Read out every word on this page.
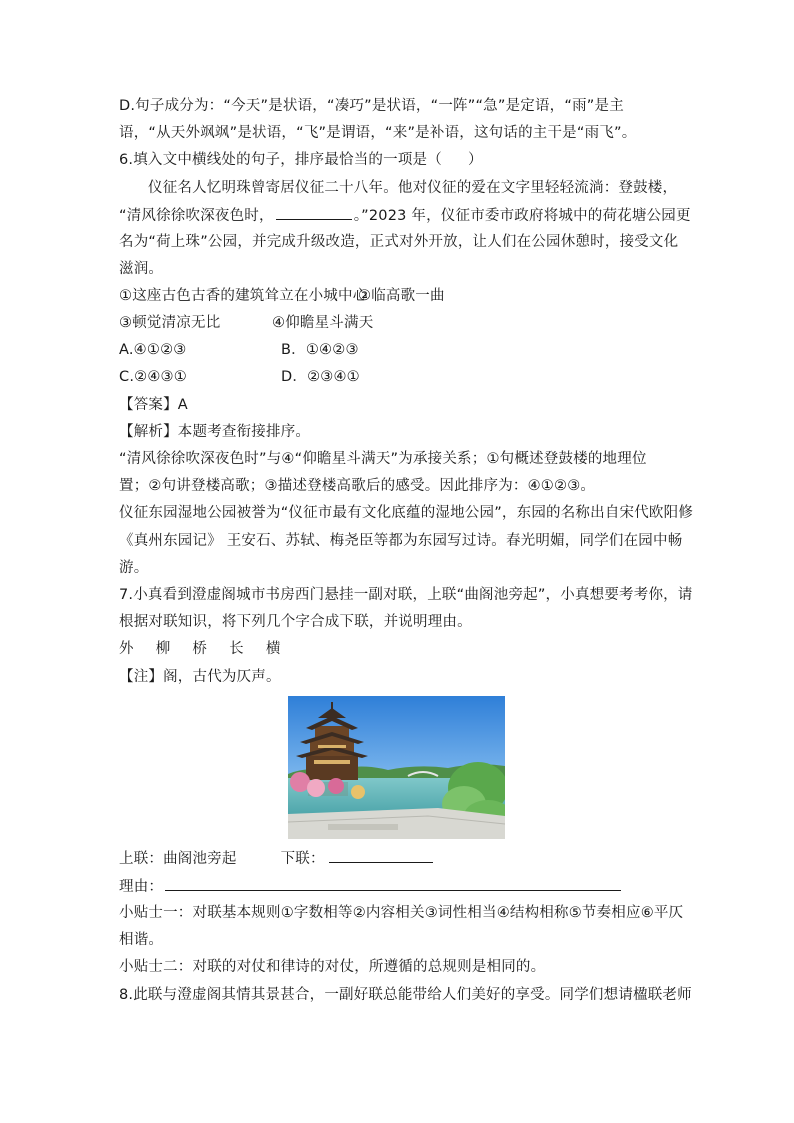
D.句子成分为：“今天”是状语，“凑巧”是状语，“一阵”“急”是定语，“雨”是主
语，“从天外飒飒”是状语，“飞”是谓语，“来”是补语，这句话的主干是“雨飞”。
6.填入文中横线处的句子，排序最恰当的一项是（ ）
仪征名人忆明珠曾寄居仪征二十八年。他对仪征的爱在文字里轻轻流淌：登鼓楼，
“清风徐徐吹深夜色时，	。”2023 年，仪征市委市政府将城中的荷花塘公园更
名为“荷上珠”公园，并完成升级改造，正式对外开放，让人们在公园休憩时，接受文化
滋润。
①这座古色古香的建筑耸立在小城中心
②临高歌一曲
③顿觉清凉无比	④仰瞻星斗满天
A.④①②③	B．①④②③
C.②④③①	D．②③④①
【答案】A
【解析】本题考查衔接排序。
“清风徐徐吹深夜色时”与④“仰瞻星斗满天”为承接关系；①句概述登鼓楼的地理位
置；②句讲登楼高歌；③描述登楼高歌后的感受。因此排序为：④①②③。
仪征东园湿地公园被誉为“仪征市最有文化底蕴的湿地公园”，东园的名称出自宋代欧阳修
《真州东园记》 王安石、苏轼、梅尧臣等都为东园写过诗。春光明媚，同学们在园中畅
游。
7.小真看到澄虚阁城市书房西门悬挂一副对联，上联“曲阁池旁起”，小真想要考考你，请
根据对联知识，将下列几个字合成下联，并说明理由。
外 柳 桥 长 横
【注】阁，古代为仄声。
上联：曲阁池旁起	下联：
理由：
小贴士一：对联基本规则①字数相等②内容相关③词性相当④结构相称⑤节奏相应⑥平仄
相谐。
小贴士二：对联的对仗和律诗的对仗，所遵循的总规则是相同的。
8.此联与澄虚阁其情其景甚合，一副好联总能带给人们美好的享受。同学们想请楹联老师
